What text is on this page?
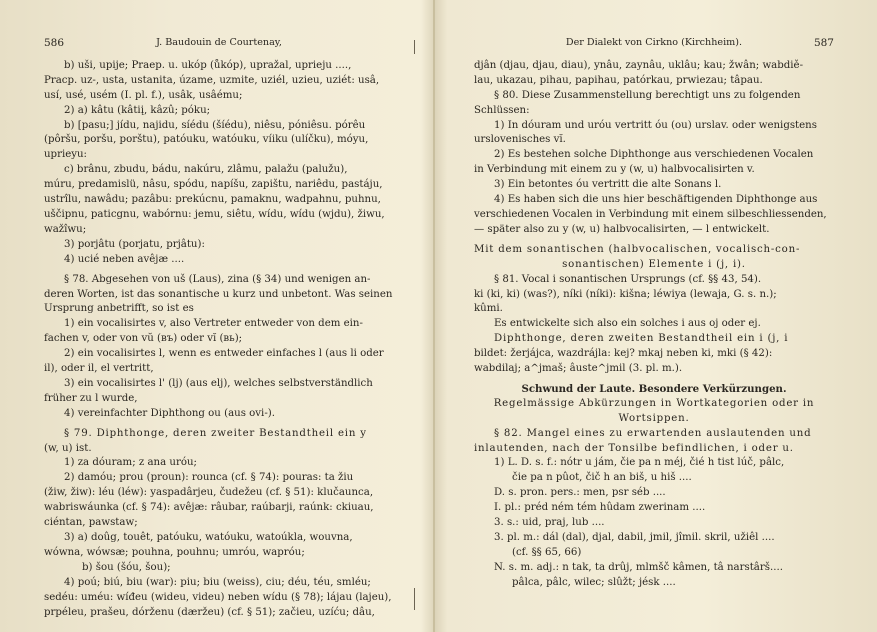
586	J. Baudouin de Courtenay,
b) uši, upije; Praep. u. ukóp (ůkóp), upražal, uprieju ....,
Pracp. uz-, usta, ustanita, úzame, uzmite, uziél, uzieu, uziét: usâ,
usí, usé, usém (I. pl. f.), usâk, usâému;
2) a) kâtu (kâtiį, kâzû; póku;
b) [pasu;] jídu, najidu, síédu (šíédu), niêsu, póniêsu. pórêu
(pôršu, poršu, porštu), patóuku, watóuku, víiku (ulíčku), móyu,
uprieyu:
c) brânu, zbudu, bádu, nakúru, zlâmu, palažu (palužu),
múru, predamislü, nâsu, spódu, napíšu, zapištu, nariêdu, pastáju,
ustrîlu, nawâdu; pazâbu: prekúcnu, pamaknu, wadpahnu, puhnu,
uščipnu, paticgnu, wabórnu: jemu, siêtu, wídu, wídu (wjdu), žiwu,
wažîwu;
3) porjâtu (porjatu, prjâtu):
4) ucié neben avêjæ ....
§ 78. Abgesehen von uš (Laus), zina (§ 34) und wenigen an-
deren Worten, ist das sonantische u kurz und unbetont. Was seinen
Ursprung anbetrifft, so ist es
1) ein vocalisirtes v, also Vertreter entweder von dem ein-
fachen v, oder von vŭ (въ) oder vĭ (вь);
2) ein vocalisirtes l, wenn es entweder einfaches l (aus li oder
il), oder il, el vertritt,
3) ein vocalisirtes l' (lj) (aus elj), welches selbstverständlich
früher zu l wurde,
4) vereinfachter Diphthong ou (aus ovi-).
§ 79. Diphthonge, deren zweiter Bestandtheil ein y
(w, u) ist.
1) za dóuram; z ana uróu;
2) damóu; prou (proun): rounca (cf. § 74): pouras: ta žiu
(žiw, žiw): léu (léw): yaspadârjeu, čudežeu (cf. § 51): klučaunca,
wabriswáunka (cf. § 74): avêjæ: râubar, raúbarji, raúnk: ckiuau,
ciéntan, pawstaw;
3) a) doûg, touêt, patóuku, watóuku, watoúkla, wouvna,
wówna, wówsæ; pouhna, pouhnu; umróu, wapróu;
b) šou (šóu, šou);
4) poú; biú, biu (war): piu; biu (weiss), ciu; déu, téu, smléu;
sedéu: uméu: wíđeu (wideu, videu) neben wídu (§ 78); lájau (lajeu),
prpéleu, prašeu, dórženu (dæržeu) (cf. § 51); začieu, uzíću; dâu,
Der Dialekt von Cirkno (Kirchheim).	587
djân (djau, djau, diau), ynâu, zaynâu, uklâu; kau; žwân; wabdiě-
lau, ukazau, pihau, papihau, patórkau, prwiezau; tâpau.
§ 80. Diese Zusammenstellung berechtigt uns zu folgenden
Schlüssen:
1) In dóuram und uróu vertritt óu (ou) urslav. oder wenigstens
urslovenisches vĭ.
2) Es bestehen solche Diphthonge aus verschiedenen Vocalen
in Verbindung mit einem zu y (w, u) halbvocalisirten v.
3) Ein betontes óu vertritt die alte Sonans l.
4) Es haben sich die uns hier beschäftigenden Diphthonge aus
verschiedenen Vocalen in Verbindung mit einem silbeschliessenden,
— später also zu y (w, u) halbvocalisirten, — l entwickelt.
Mit dem sonantischen (halbvocalischen, vocalisch-con-
sonantischen) Elemente i (j, i).
§ 81. Vocal i sonantischen Ursprungs (cf. §§ 43, 54).
ki (ki, ki) (was?), níki (níki): kišna; léwiya (lewaja, G. s. n.);
kûmi.
Es entwickelte sich also ein solches i aus oj oder ej.
Diphthonge, deren zweiten Bestandtheil ein i (j, i
bildet: žerjájca, wazdrájla: kej? mkaj neben ki, mki (§ 42):
wabdilaj; a^jmaš; âuste^jmil (3. pl. m.).
Schwund der Laute. Besondere Verkürzungen.
Regelmässige Abkürzungen in Wortkategorien oder in
Wortsippen.
§ 82. Mangel eines zu erwartenden auslautenden und
inlautenden, nach der Tonsilbe befindlichen, i oder u.
1) L. D. s. f.: nótr u jám, čie pa n méj, čié h tist lúč, pâlc,
čie pa n pûot, čič h an biš, u hiš ....
D. s. pron. pers.: men, psr séb ....
I. pl.: préd ném tém hûdam zwerinam ....
3. s.: uid, praj, lub ....
3. pl. m.: dál (dal), djal, dabil, jmil, jîmil. skril, užiêl ....
(cf. §§ 65, 66)
N. s. m. adj.: n tak, ta drûj, mlmšč kâmen, tâ narstârš....
pâlca, pâlc, wilec; slûžt; jésk ....
